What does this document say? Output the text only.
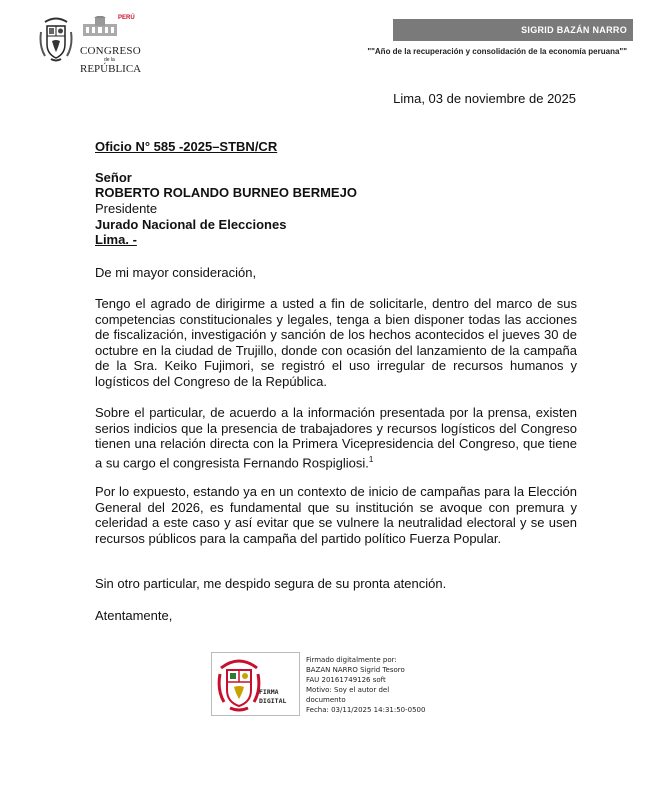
PERÚ
CONGRESO
de la
REPÚBLICA
SIGRID BAZÁN NARRO
""Año de la recuperación y consolidación de la economía peruana""
Lima, 03 de noviembre de 2025
Oficio N° 585 -2025–STBN/CR
Señor
ROBERTO ROLANDO BURNEO BERMEJO
Presidente
Jurado Nacional de Elecciones
Lima. -
De mi mayor consideración,
Tengo el agrado de dirigirme a usted a fin de solicitarle, dentro del marco de sus competencias constitucionales y legales, tenga a bien disponer todas las acciones de fiscalización, investigación y sanción de los hechos acontecidos el jueves 30 de octubre en la ciudad de Trujillo, donde con ocasión del lanzamiento de la campaña de la Sra. Keiko Fujimori, se registró el uso irregular de recursos humanos y logísticos del Congreso de la República.
Sobre el particular, de acuerdo a la información presentada por la prensa, existen serios indicios que la presencia de trabajadores y recursos logísticos del Congreso tienen una relación directa con la Primera Vicepresidencia del Congreso, que tiene a su cargo el congresista Fernando Rospigliosi.$^1$
Por lo expuesto, estando ya en un contexto de inicio de campañas para la Elección General del 2026, es fundamental que su institución se avoque con premura y celeridad a este caso y así evitar que se vulnere la neutralidad electoral y se usen recursos públicos para la campaña del partido político Fuerza Popular.
Sin otro particular, me despido segura de su pronta atención.
Atentamente,
FIRMA
DIGITAL
Firmado digitalmente por:
BAZAN NARRO Sigrid Tesoro
FAU 20161749126 soft
Motivo: Soy el autor del
documento
Fecha: 03/11/2025 14:31:50-0500
